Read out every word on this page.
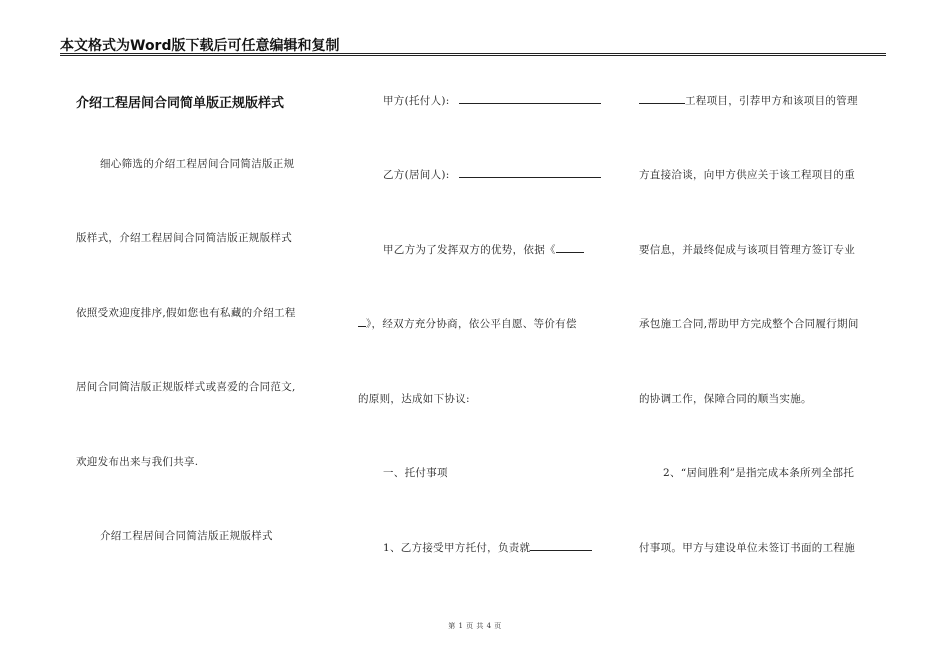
本文格式为Word版下载后可任意编辑和复制
介绍工程居间合同简单版正规版样式
细心筛选的介绍工程居间合同简洁版正规
版样式，介绍工程居间合同简洁版正规版样式
依照受欢迎度排序,假如您也有私藏的介绍工程
居间合同简洁版正规版样式或喜爱的合同范文,
欢迎发布出来与我们共享.
介绍工程居间合同简洁版正规版样式
甲方(托付人):
乙方(居间人):
甲乙方为了发挥双方的优势，依据《
》，经双方充分协商，依公平自愿、等价有偿
的原则，达成如下协议:
一、托付事项
1、乙方接受甲方托付，负责就
工程项目，引荐甲方和该项目的管理
方直接洽谈，向甲方供应关于该工程项目的重
要信息，并最终促成与该项目管理方签订专业
承包施工合同,帮助甲方完成整个合同履行期间
的协调工作，保障合同的顺当实施。
2、“居间胜利”是指完成本条所列全部托
付事项。甲方与建设单位未签订书面的工程施
第 1 页 共 4 页
